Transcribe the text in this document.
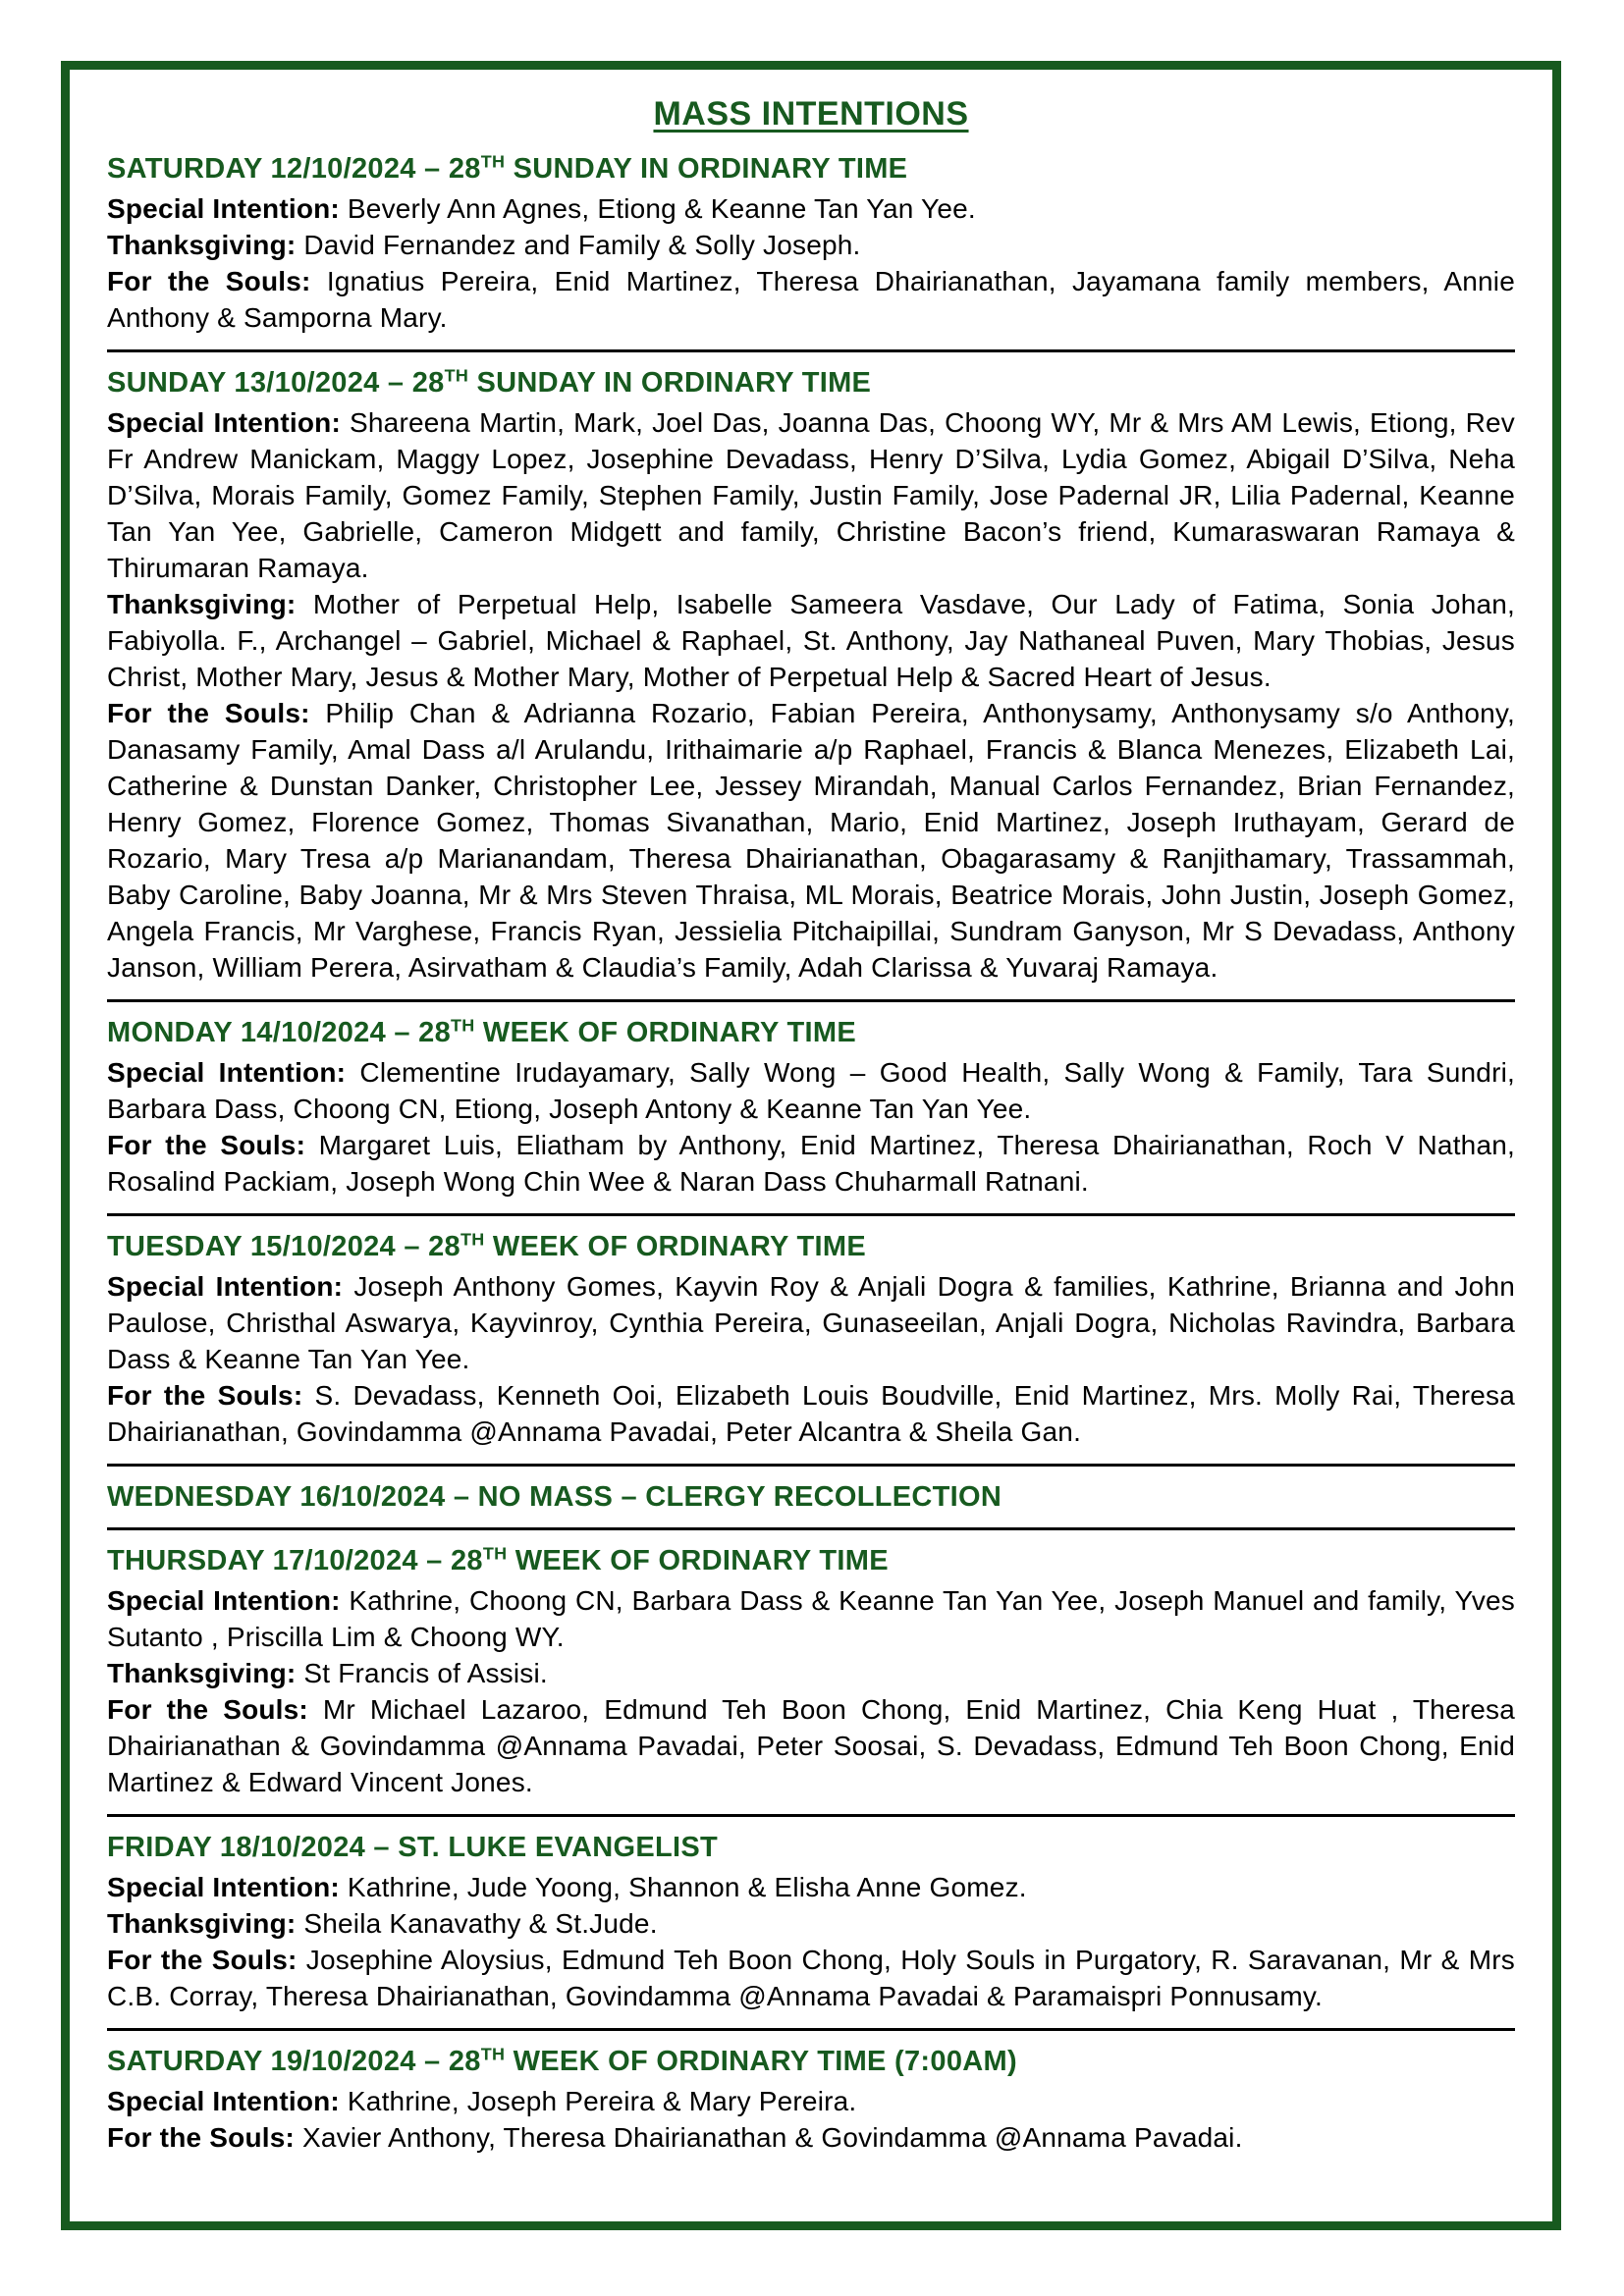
MASS INTENTIONS
SATURDAY 12/10/2024 – 28TH SUNDAY IN ORDINARY TIME

Special Intention: Beverly Ann Agnes, Etiong & Keanne Tan Yan Yee.

Thanksgiving: David Fernandez and Family & Solly Joseph.

For the Souls: Ignatius Pereira, Enid Martinez, Theresa Dhairianathan, Jayamana family members, Annie Anthony & Samporna Mary.

SUNDAY 13/10/2024 – 28TH SUNDAY IN ORDINARY TIME

Special Intention: Shareena Martin, Mark, Joel Das, Joanna Das, Choong WY, Mr & Mrs AM Lewis, Etiong, Rev Fr Andrew Manickam, Maggy Lopez, Josephine Devadass, Henry D’Silva, Lydia Gomez, Abigail D’Silva, Neha D’Silva, Morais Family, Gomez Family, Stephen Family, Justin Family, Jose Padernal JR, Lilia Padernal, Keanne Tan Yan Yee, Gabrielle, Cameron Midgett and family, Christine Bacon’s friend, Kumaraswaran Ramaya & Thirumaran Ramaya.

Thanksgiving: Mother of Perpetual Help, Isabelle Sameera Vasdave, Our Lady of Fatima, Sonia Johan, Fabiyolla. F., Archangel – Gabriel, Michael & Raphael, St. Anthony, Jay Nathaneal Puven, Mary Thobias, Jesus Christ, Mother Mary, Jesus & Mother Mary, Mother of Perpetual Help & Sacred Heart of Jesus.

For the Souls: Philip Chan & Adrianna Rozario, Fabian Pereira, Anthonysamy, Anthonysamy s/o Anthony, Danasamy Family, Amal Dass a/l Arulandu, Irithaimarie a/p Raphael, Francis & Blanca Menezes, Elizabeth Lai, Catherine & Dunstan Danker, Christopher Lee, Jessey Mirandah, Manual Carlos Fernandez, Brian Fernandez, Henry Gomez, Florence Gomez, Thomas Sivanathan, Mario, Enid Martinez, Joseph Iruthayam, Gerard de Rozario, Mary Tresa a/p Marianandam, Theresa Dhairianathan, Obagarasamy & Ranjithamary, Trassammah, Baby Caroline, Baby Joanna, Mr & Mrs Steven Thraisa, ML Morais, Beatrice Morais, John Justin, Joseph Gomez, Angela Francis, Mr Varghese, Francis Ryan, Jessielia Pitchaipillai, Sundram Ganyson, Mr S Devadass, Anthony Janson, William Perera, Asirvatham & Claudia’s Family, Adah Clarissa & Yuvaraj Ramaya.

MONDAY 14/10/2024 – 28TH WEEK OF ORDINARY TIME

Special Intention: Clementine Irudayamary, Sally Wong – Good Health, Sally Wong & Family, Tara Sundri, Barbara Dass, Choong CN, Etiong, Joseph Antony & Keanne Tan Yan Yee.

For the Souls: Margaret Luis, Eliatham by Anthony, Enid Martinez, Theresa Dhairianathan, Roch V Nathan, Rosalind Packiam, Joseph Wong Chin Wee & Naran Dass Chuharmall Ratnani.

TUESDAY 15/10/2024 – 28TH WEEK OF ORDINARY TIME

Special Intention: Joseph Anthony Gomes, Kayvin Roy & Anjali Dogra & families, Kathrine, Brianna and John Paulose, Christhal Aswarya, Kayvinroy, Cynthia Pereira, Gunaseeilan, Anjali Dogra, Nicholas Ravindra, Barbara Dass & Keanne Tan Yan Yee.

For the Souls: S. Devadass, Kenneth Ooi, Elizabeth Louis Boudville, Enid Martinez, Mrs. Molly Rai, Theresa Dhairianathan, Govindamma @Annama Pavadai, Peter Alcantra & Sheila Gan.

WEDNESDAY 16/10/2024 – NO MASS – CLERGY RECOLLECTION
THURSDAY 17/10/2024 – 28TH WEEK OF ORDINARY TIME

Special Intention: Kathrine, Choong CN, Barbara Dass & Keanne Tan Yan Yee, Joseph Manuel and family, Yves Sutanto , Priscilla Lim & Choong WY.

Thanksgiving: St Francis of Assisi.

For the Souls: Mr Michael Lazaroo, Edmund Teh Boon Chong, Enid Martinez, Chia Keng Huat , Theresa Dhairianathan & Govindamma @Annama Pavadai, Peter Soosai, S. Devadass, Edmund Teh Boon Chong, Enid Martinez & Edward Vincent Jones.

FRIDAY 18/10/2024 – ST. LUKE EVANGELIST

Special Intention: Kathrine, Jude Yoong, Shannon & Elisha Anne Gomez.

Thanksgiving: Sheila Kanavathy & St.Jude.

For the Souls: Josephine Aloysius, Edmund Teh Boon Chong, Holy Souls in Purgatory, R. Saravanan, Mr & Mrs C.B. Corray, Theresa Dhairianathan, Govindamma @Annama Pavadai & Paramaispri Ponnusamy.

SATURDAY 19/10/2024 – 28TH WEEK OF ORDINARY TIME (7:00AM)

Special Intention: Kathrine, Joseph Pereira & Mary Pereira.

For the Souls: Xavier Anthony, Theresa Dhairianathan & Govindamma @Annama Pavadai.
